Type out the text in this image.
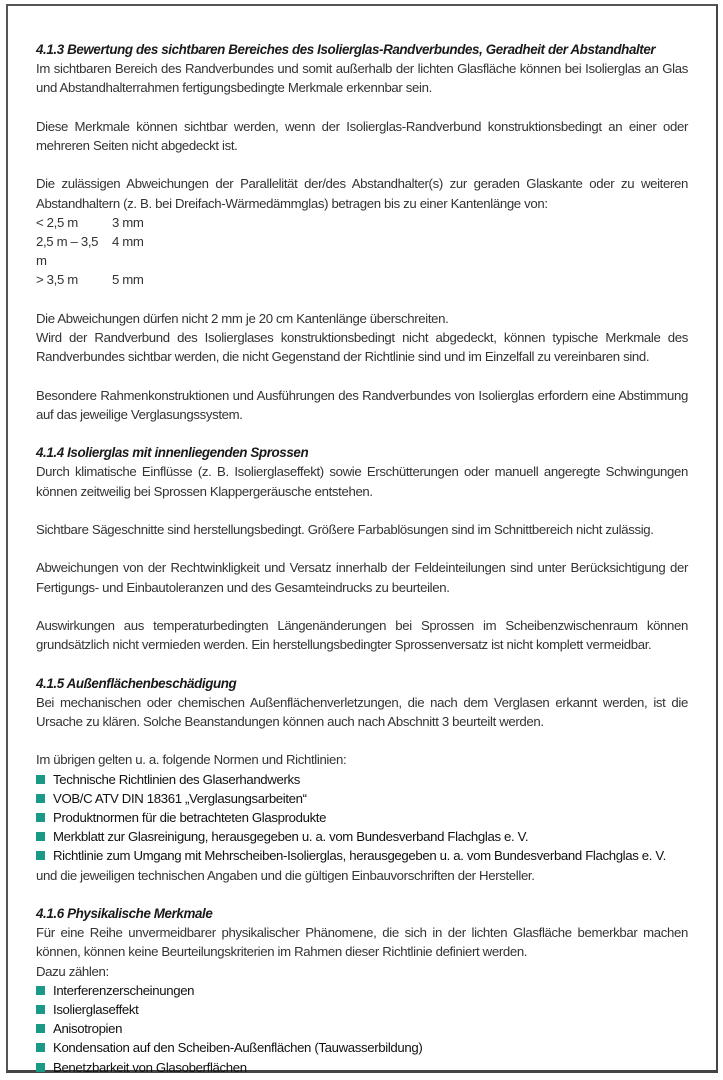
4.1.3 Bewertung des sichtbaren Bereiches des Isolierglas-Randverbundes, Geradheit der Abstandhalter

Im sichtbaren Bereich des Randverbundes und somit außerhalb der lichten Glasfläche können bei Isolierglas an Glas und Abstandhalterrahmen fertigungsbedingte Merkmale erkennbar sein.

Diese Merkmale können sichtbar werden, wenn der Isolierglas-Randverbund konstruktionsbedingt an einer oder mehreren Seiten nicht abgedeckt ist.

Die zulässigen Abweichungen der Parallelität der/des Abstandhalter(s) zur geraden Glaskante oder zu weiteren Abstandhaltern (z. B. bei Dreifach-Wärmedämmglas) betragen bis zu einer Kantenlänge von:

< 2,5 m	3 mm
2,5 m – 3,5 m
4 mm
> 3,5 m	5 mm

Die Abweichungen dürfen nicht 2 mm je 20 cm Kantenlänge überschreiten.

Wird der Randverbund des Isolierglases konstruktionsbedingt nicht abgedeckt, können typische Merkmale des Randverbundes sichtbar werden, die nicht Gegenstand der Richtlinie sind und im Einzelfall zu vereinbaren sind.

Besondere Rahmenkonstruktionen und Ausführungen des Randverbundes von Isolierglas erfordern eine Abstimmung auf das jeweilige Verglasungssystem.

4.1.4 Isolierglas mit innenliegenden Sprossen

Durch klimatische Einflüsse (z. B. Isolierglaseffekt) sowie Erschütterungen oder manuell angeregte Schwingungen können zeitweilig bei Sprossen Klappergeräusche entstehen.

Sichtbare Sägeschnitte sind herstellungsbedingt. Größere Farbablösungen sind im Schnittbereich nicht zulässig.

Abweichungen von der Rechtwinkligkeit und Versatz innerhalb der Feldeinteilungen sind unter Berücksichtigung der Fertigungs- und Einbautoleranzen und des Gesamteindrucks zu beurteilen.

Auswirkungen aus temperaturbedingten Längenänderungen bei Sprossen im Scheibenzwischenraum können grundsätzlich nicht vermieden werden. Ein herstellungsbedingter Sprossenversatz ist nicht komplett vermeidbar.

4.1.5 Außenflächenbeschädigung

Bei mechanischen oder chemischen Außenflächenverletzungen, die nach dem Verglasen erkannt werden, ist die Ursache zu klären. Solche Beanstandungen können auch nach Abschnitt 3 beurteilt werden.

Im übrigen gelten u. a. folgende Normen und Richtlinien:

Technische Richtlinien des Glaserhandwerks
VOB/C ATV DIN 18361 „Verglasungsarbeiten“
Produktnormen für die betrachteten Glasprodukte
Merkblatt zur Glasreinigung, herausgegeben u. a. vom Bundesverband Flachglas e. V.
Richtlinie zum Umgang mit Mehrscheiben-Isolierglas, herausgegeben u. a. vom Bundesverband Flachglas e. V.

und die jeweiligen technischen Angaben und die gültigen Einbauvorschriften der Hersteller.

4.1.6 Physikalische Merkmale

Für eine Reihe unvermeidbarer physikalischer Phänomene, die sich in der lichten Glasfläche bemerkbar machen können, können keine Beurteilungskriterien im Rahmen dieser Richtlinie definiert werden.

Dazu zählen:

Interferenzerscheinungen
Isolierglaseffekt
Anisotropien
Kondensation auf den Scheiben-Außenflächen (Tauwasserbildung)
Benetzbarkeit von Glasoberflächen
